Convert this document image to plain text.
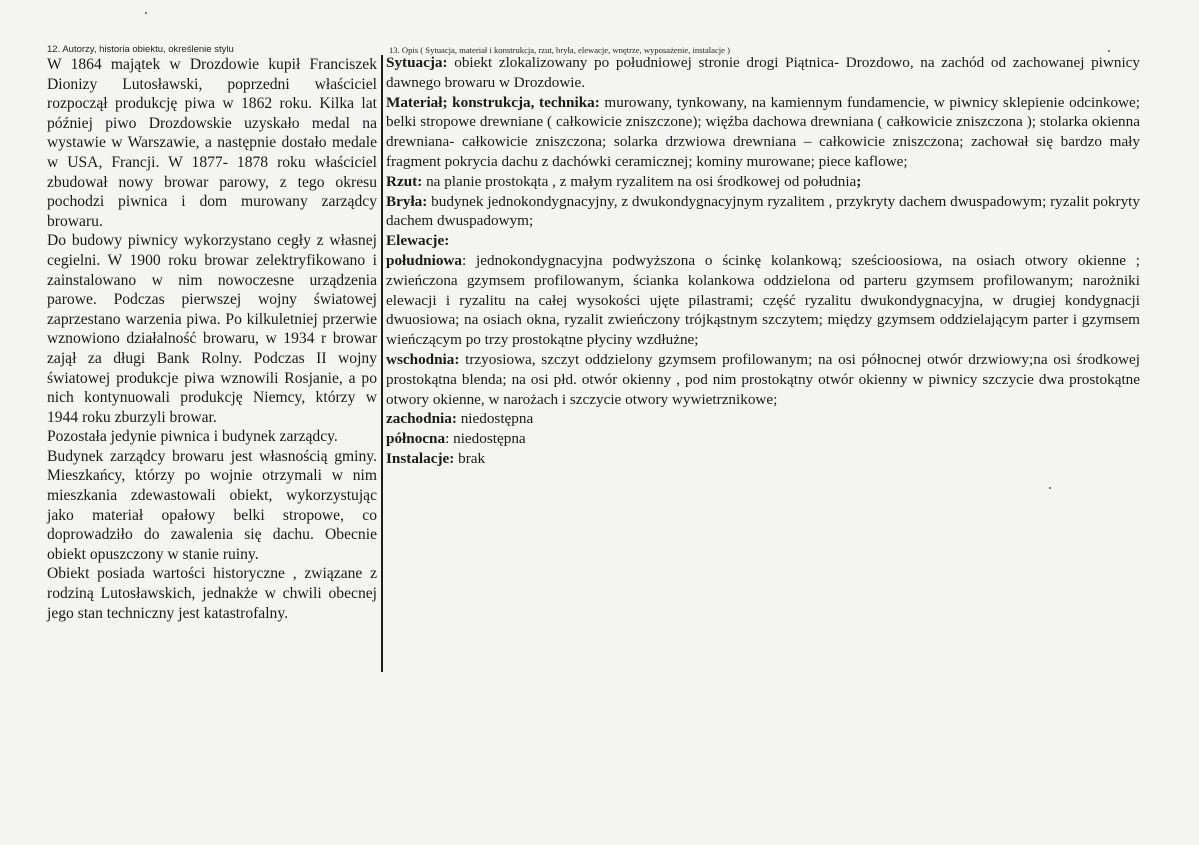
12. Autorzy, historia obiektu, określenie stylu	13. Opis ( Sytuacja, materiał i konstrukcja, rzut, bryła, elewacje, wnętrze, wyposażenie, instalacje )

W 1864 majątek w Drozdowie kupił Franciszek Dionizy Lutosławski, poprzedni właściciel rozpoczął produkcję piwa w 1862 roku. Kilka lat później piwo Drozdowskie uzyskało medal na wystawie w Warszawie, a następnie dostało medale w USA, Francji. W 1877- 1878 roku właściciel zbudował nowy browar parowy, z tego okresu pochodzi piwnica i dom murowany zarządcy browaru.

Do budowy piwnicy wykorzystano cegły z własnej cegielni. W 1900 roku browar zelektryfikowano i zainstalowano w nim nowoczesne urządzenia parowe. Podczas pierwszej wojny światowej zaprzestano warzenia piwa. Po kilkuletniej przerwie wznowiono działalność browaru, w 1934 r browar zajął za długi Bank Rolny. Podczas II wojny światowej produkcje piwa wznowili Rosjanie, a po nich kontynuowali produkcję Niemcy, którzy w 1944 roku zburzyli browar.

Pozostała jedynie piwnica i budynek zarządcy.

Budynek zarządcy browaru jest własnością gminy. Mieszkańcy, którzy po wojnie otrzymali w nim mieszkania zdewastowali obiekt, wykorzystując jako materiał opałowy belki stropowe, co doprowadziło do zawalenia się dachu. Obecnie obiekt opuszczony w stanie ruiny.

Obiekt posiada wartości historyczne , związane z rodziną Lutosławskich, jednakże w chwili obecnej jego stan techniczny jest katastrofalny.

Sytuacja: obiekt zlokalizowany po południowej stronie drogi Piątnica- Drozdowo, na zachód od zachowanej piwnicy dawnego browaru w Drozdowie.

Materiał; konstrukcja, technika: murowany, tynkowany, na kamiennym fundamencie, w piwnicy sklepienie odcinkowe; belki stropowe drewniane ( całkowicie zniszczone); więźba dachowa drewniana ( całkowicie zniszczona ); stolarka okienna drewniana- całkowicie zniszczona; solarka drzwiowa drewniana – całkowicie zniszczona; zachował się bardzo mały fragment pokrycia dachu z dachówki ceramicznej; kominy murowane; piece kaflowe;

Rzut: na planie prostokąta , z małym ryzalitem na osi środkowej od południa;

Bryła: budynek jednokondygnacyjny, z dwukondygnacyjnym ryzalitem , przykryty dachem dwuspadowym; ryzalit pokryty dachem dwuspadowym;

Elewacje:

południowa: jednokondygnacyjna podwyższona o ścinkę kolankową; sześcioosiowa, na osiach otwory okienne ; zwieńczona gzymsem profilowanym, ścianka kolankowa oddzielona od parteru gzymsem profilowanym; narożniki elewacji i ryzalitu na całej wysokości ujęte pilastrami; część ryzalitu dwukondygnacyjna, w drugiej kondygnacji dwuosiowa; na osiach okna, ryzalit zwieńczony trójkąstnym szczytem; między gzymsem oddzielającym parter i gzymsem wieńczącym po trzy prostokątne płyciny wzdłużne;

wschodnia: trzyosiowa, szczyt oddzielony gzymsem profilowanym; na osi północnej otwór drzwiowy;na osi środkowej prostokątna blenda; na osi płd. otwór okienny , pod nim prostokątny otwór okienny w piwnicy szczycie dwa prostokątne otwory okienne, w narożach i szczycie otwory wywietrznikowe;

zachodnia: niedostępna

północna: niedostępna

Instalacje: brak
